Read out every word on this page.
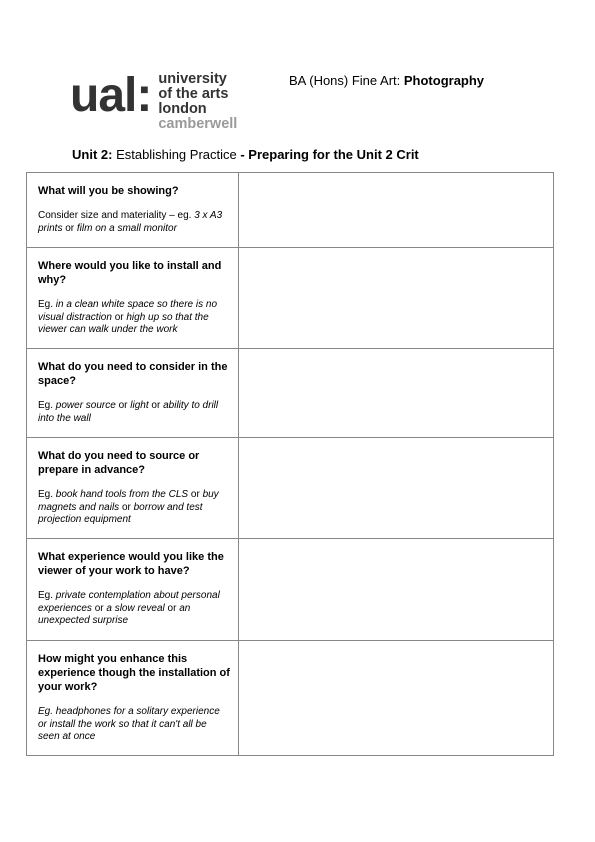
ual: university
of the arts
london
camberwell
BA (Hons) Fine Art: Photography
Unit 2: Establishing Practice - Preparing for the Unit 2 Crit

What will you be showing?

Consider size and materiality – eg. 3 x A3 prints or film on a small monitor	

Where would you like to install and why?

Eg. in a clean white space so there is no visual distraction or high up so that the viewer can walk under the work	

What do you need to consider in the space?

Eg. power source or light or ability to drill into the wall	

What do you need to source or prepare in advance?

Eg. book hand tools from the CLS or buy magnets and nails or borrow and test projection equipment	

What experience would you like the viewer of your work to have?

Eg. private contemplation about personal experiences or a slow reveal or an unexpected surprise	

How might you enhance this experience though the installation of your work?

Eg. headphones for a solitary experience or install the work so that it can't all be seen at once	
